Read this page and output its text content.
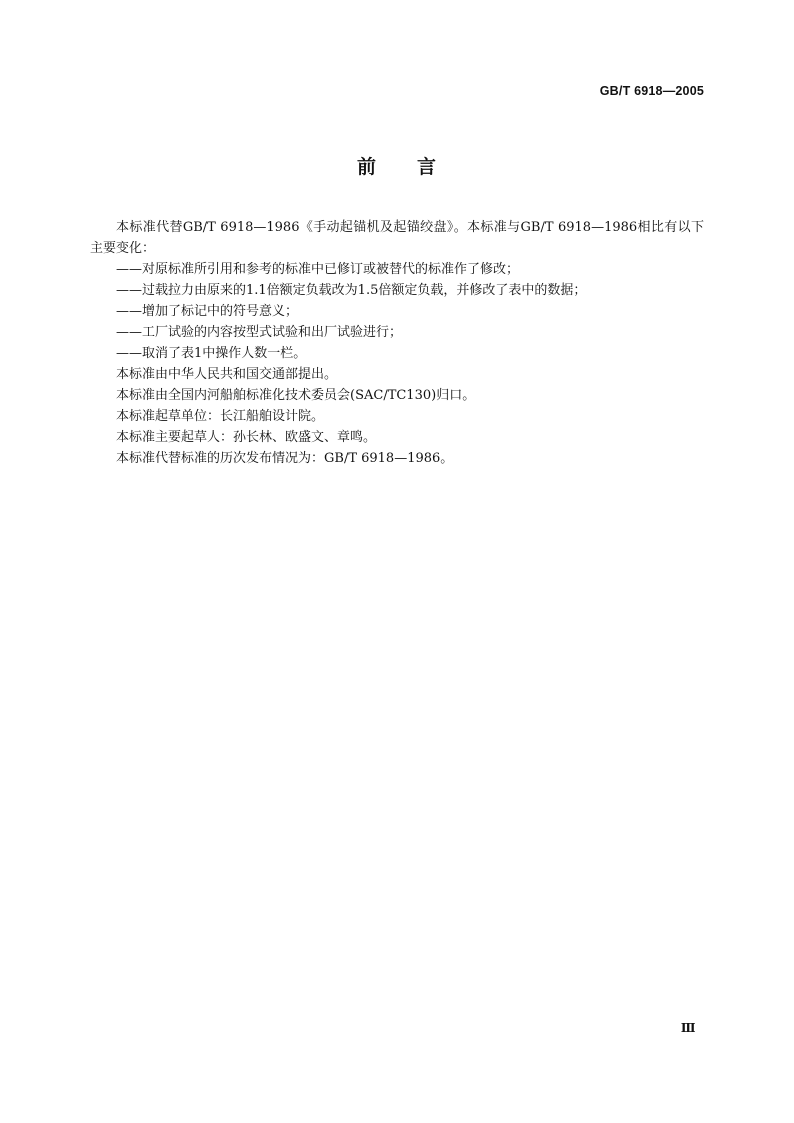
GB/T 6918—2005
前 言

本标准代替GB/T 6918—1986《手动起锚机及起锚绞盘》。本标准与GB/T 6918—1986相比有以下主要变化：

——对原标准所引用和参考的标准中已修订或被替代的标准作了修改；

——过载拉力由原来的1.1倍额定负载改为1.5倍额定负载，并修改了表中的数据；

——增加了标记中的符号意义；

——工厂试验的内容按型式试验和出厂试验进行；

——取消了表1中操作人数一栏。

本标准由中华人民共和国交通部提出。

本标准由全国内河船舶标准化技术委员会(SAC/TC130)归口。

本标准起草单位：长江船舶设计院。

本标准主要起草人：孙长林、欧盛文、章鸣。

本标准代替标准的历次发布情况为：GB/T 6918—1986。

Ⅲ
